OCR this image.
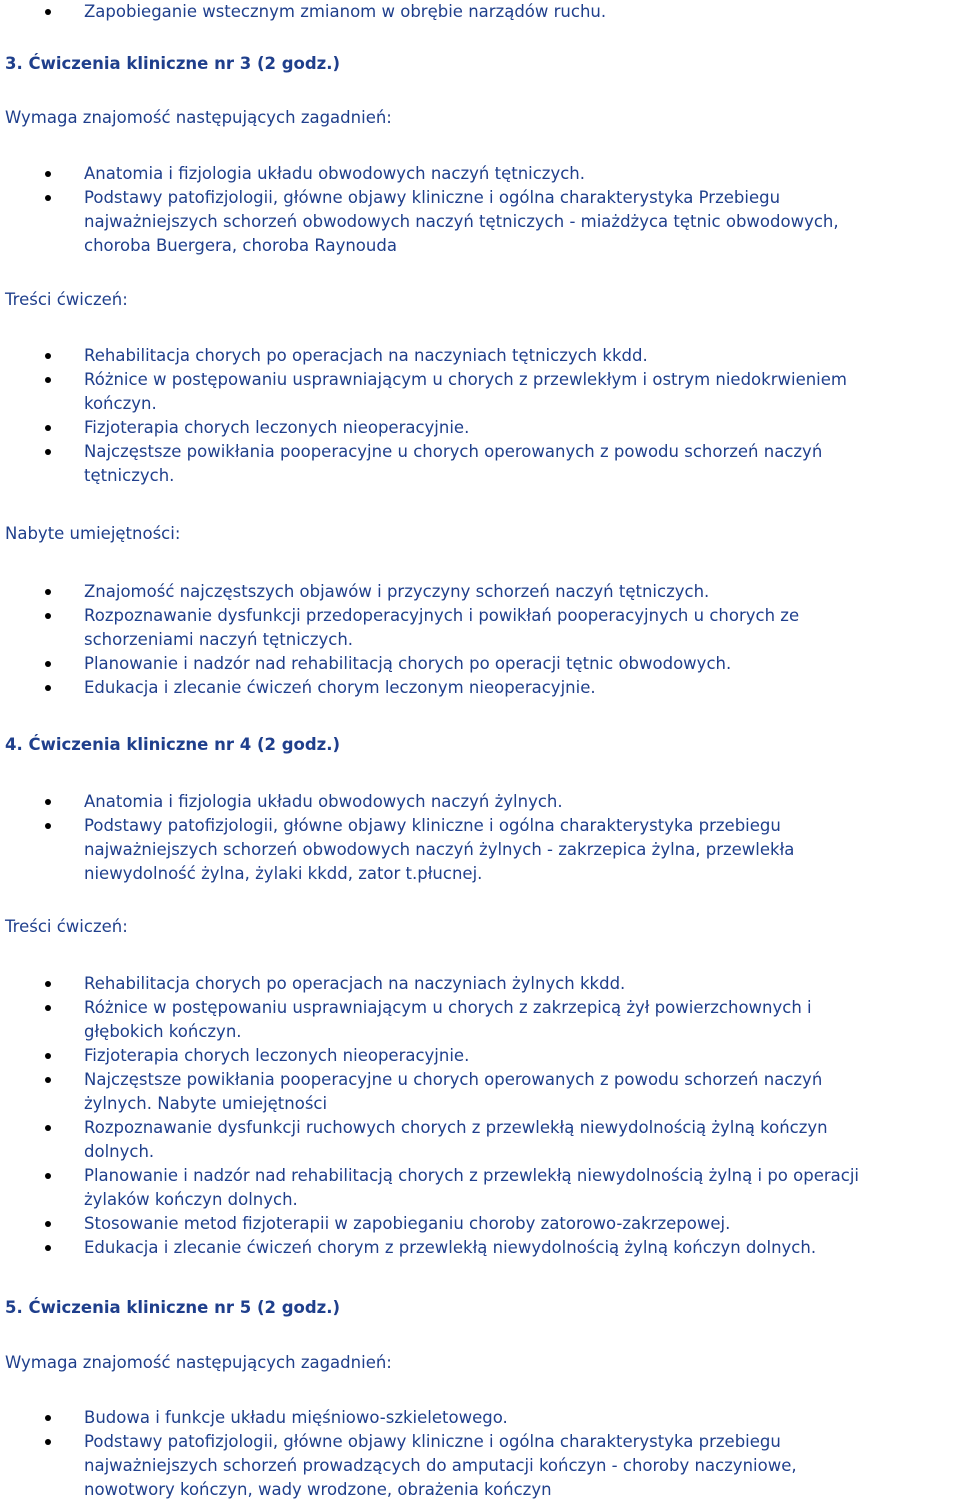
Zapobieganie wstecznym zmianom w obrębie narządów ruchu.
3. Ćwiczenia kliniczne nr 3 (2 godz.)
Wymaga znajomość następujących zagadnień:
Anatomia i fizjologia układu obwodowych naczyń tętniczych.
Podstawy patofizjologii, główne objawy kliniczne i ogólna charakterystyka Przebiegu
najważniejszych schorzeń obwodowych naczyń tętniczych - miażdżyca tętnic obwodowych,
choroba Buergera, choroba Raynouda
Treści ćwiczeń:
Rehabilitacja chorych po operacjach na naczyniach tętniczych kkdd.
Różnice w postępowaniu usprawniającym u chorych z przewlekłym i ostrym niedokrwieniem
kończyn.
Fizjoterapia chorych leczonych nieoperacyjnie.
Najczęstsze powikłania pooperacyjne u chorych operowanych z powodu schorzeń naczyń
tętniczych.
Nabyte umiejętności:
Znajomość najczęstszych objawów i przyczyny schorzeń naczyń tętniczych.
Rozpoznawanie dysfunkcji przedoperacyjnych i powikłań pooperacyjnych u chorych ze
schorzeniami naczyń tętniczych.
Planowanie i nadzór nad rehabilitacją chorych po operacji tętnic obwodowych.
Edukacja i zlecanie ćwiczeń chorym leczonym nieoperacyjnie.
4. Ćwiczenia kliniczne nr 4 (2 godz.)
Anatomia i fizjologia układu obwodowych naczyń żylnych.
Podstawy patofizjologii, główne objawy kliniczne i ogólna charakterystyka przebiegu
najważniejszych schorzeń obwodowych naczyń żylnych - zakrzepica żylna, przewlekła
niewydolność żylna, żylaki kkdd, zator t.płucnej.
Treści ćwiczeń:
Rehabilitacja chorych po operacjach na naczyniach żylnych kkdd.
Różnice w postępowaniu usprawniającym u chorych z zakrzepicą żył powierzchownych i
głębokich kończyn.
Fizjoterapia chorych leczonych nieoperacyjnie.
Najczęstsze powikłania pooperacyjne u chorych operowanych z powodu schorzeń naczyń
żylnych. Nabyte umiejętności
Rozpoznawanie dysfunkcji ruchowych chorych z przewlekłą niewydolnością żylną kończyn
dolnych.
Planowanie i nadzór nad rehabilitacją chorych z przewlekłą niewydolnością żylną i po operacji
żylaków kończyn dolnych.
Stosowanie metod fizjoterapii w zapobieganiu choroby zatorowo-zakrzepowej.
Edukacja i zlecanie ćwiczeń chorym z przewlekłą niewydolnością żylną kończyn dolnych.
5. Ćwiczenia kliniczne nr 5 (2 godz.)
Wymaga znajomość następujących zagadnień:
Budowa i funkcje układu mięśniowo-szkieletowego.
Podstawy patofizjologii, główne objawy kliniczne i ogólna charakterystyka przebiegu
najważniejszych schorzeń prowadzących do amputacji kończyn - choroby naczyniowe,
nowotwory kończyn, wady wrodzone, obrażenia kończyn
